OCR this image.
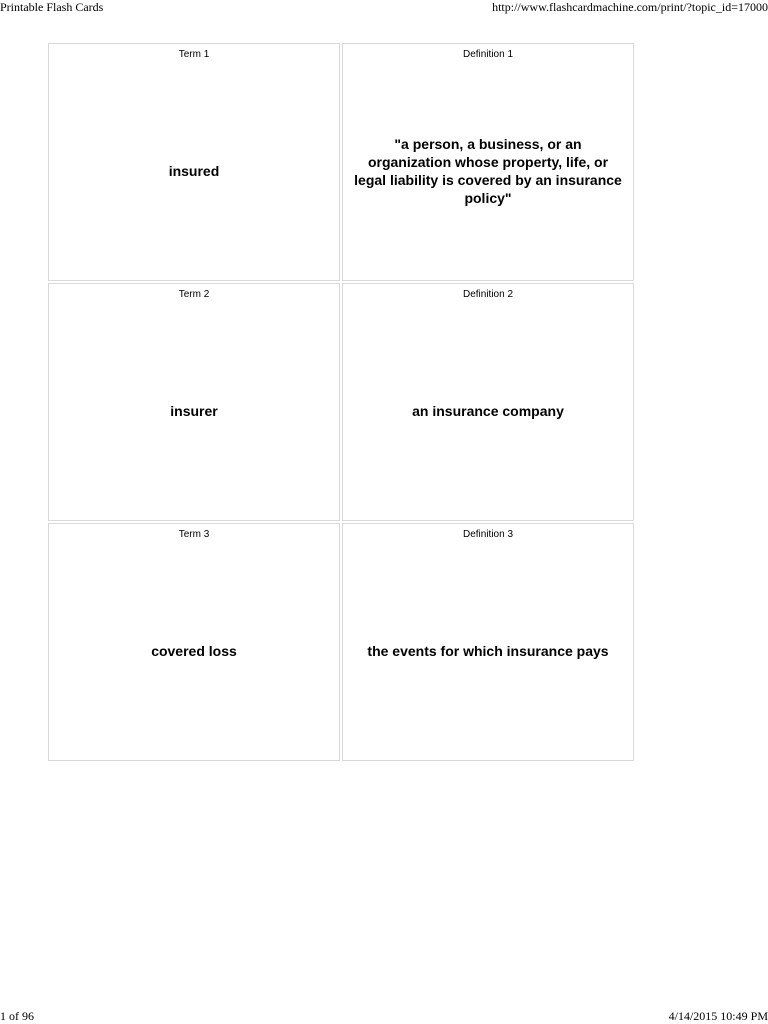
Printable Flash Cards	http://www.flashcardmachine.com/print/?topic_id=17000
Term 1
insured
Definition 1
"a person, a business, or an organization whose property, life, or legal liability is covered by an insurance policy"
Term 2
insurer
Definition 2
an insurance company
Term 3
covered loss
Definition 3
the events for which insurance pays
1 of 96	4/14/2015 10:49 PM
